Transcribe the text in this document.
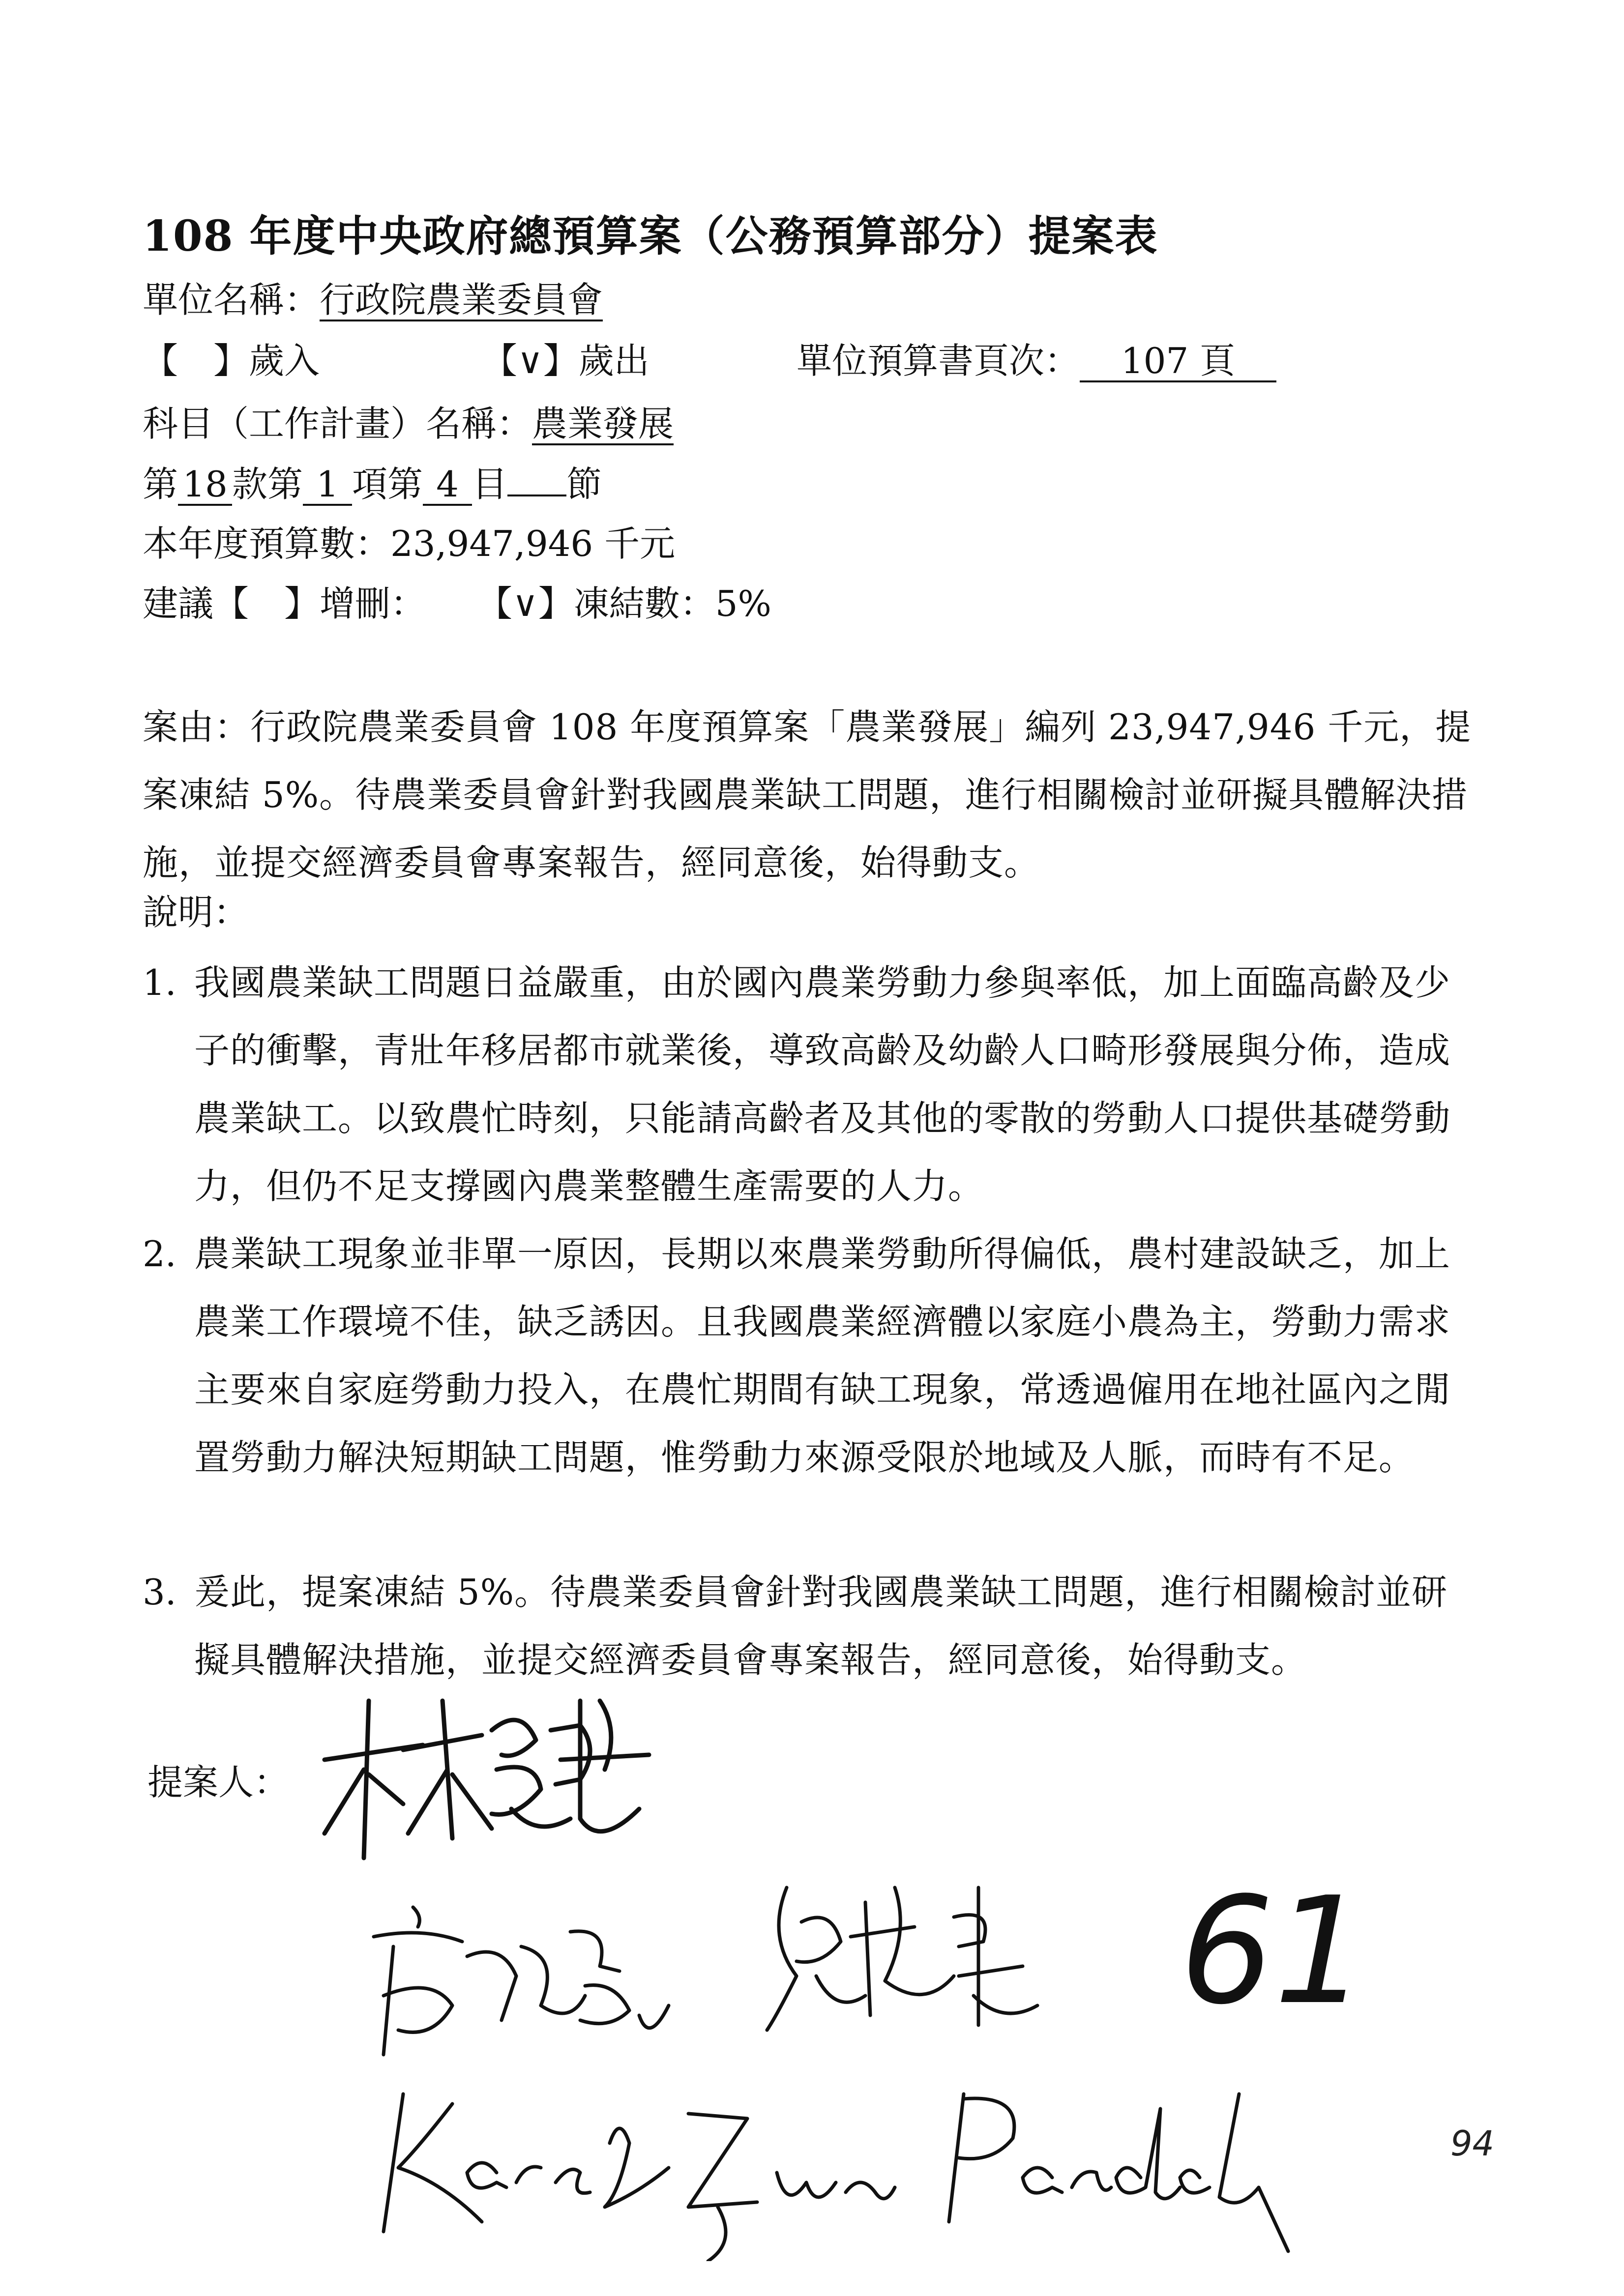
108 年度中央政府總預算案（公務預算部分）提案表
單位名稱：行政院農業委員會
【　】歲入	【∨】歲出	單位預算書頁次： 107 頁
科目（工作計畫）名稱：農業發展
第 18 款第 1 項第 4 目 節
本年度預算數：23,947,946 千元
建議【　】增刪： 【∨】凍結數：5%
案由：行政院農業委員會 108 年度預算案「農業發展」編列 23,947,946 千元，提案凍結 5%。待農業委員會針對我國農業缺工問題，進行相關檢討並研擬具體解決措施，並提交經濟委員會專案報告，經同意後，始得動支。
說明：
1. 我國農業缺工問題日益嚴重，由於國內農業勞動力參與率低，加上面臨高齡及少子的衝擊，青壯年移居都市就業後，導致高齡及幼齡人口畸形發展與分佈，造成農業缺工。以致農忙時刻，只能請高齡者及其他的零散的勞動人口提供基礎勞動力，但仍不足支撐國內農業整體生產需要的人力。
2. 農業缺工現象並非單一原因，長期以來農業勞動所得偏低，農村建設缺乏，加上農業工作環境不佳，缺乏誘因。且我國農業經濟體以家庭小農為主，勞動力需求主要來自家庭勞動力投入，在農忙期間有缺工現象，常透過僱用在地社區內之閒置勞動力解決短期缺工問題，惟勞動力來源受限於地域及人脈，而時有不足。
3. 爰此，提案凍結 5%。待農業委員會針對我國農業缺工問題，進行相關檢討並研擬具體解決措施，並提交經濟委員會專案報告，經同意後，始得動支。
提案人：
61
94
